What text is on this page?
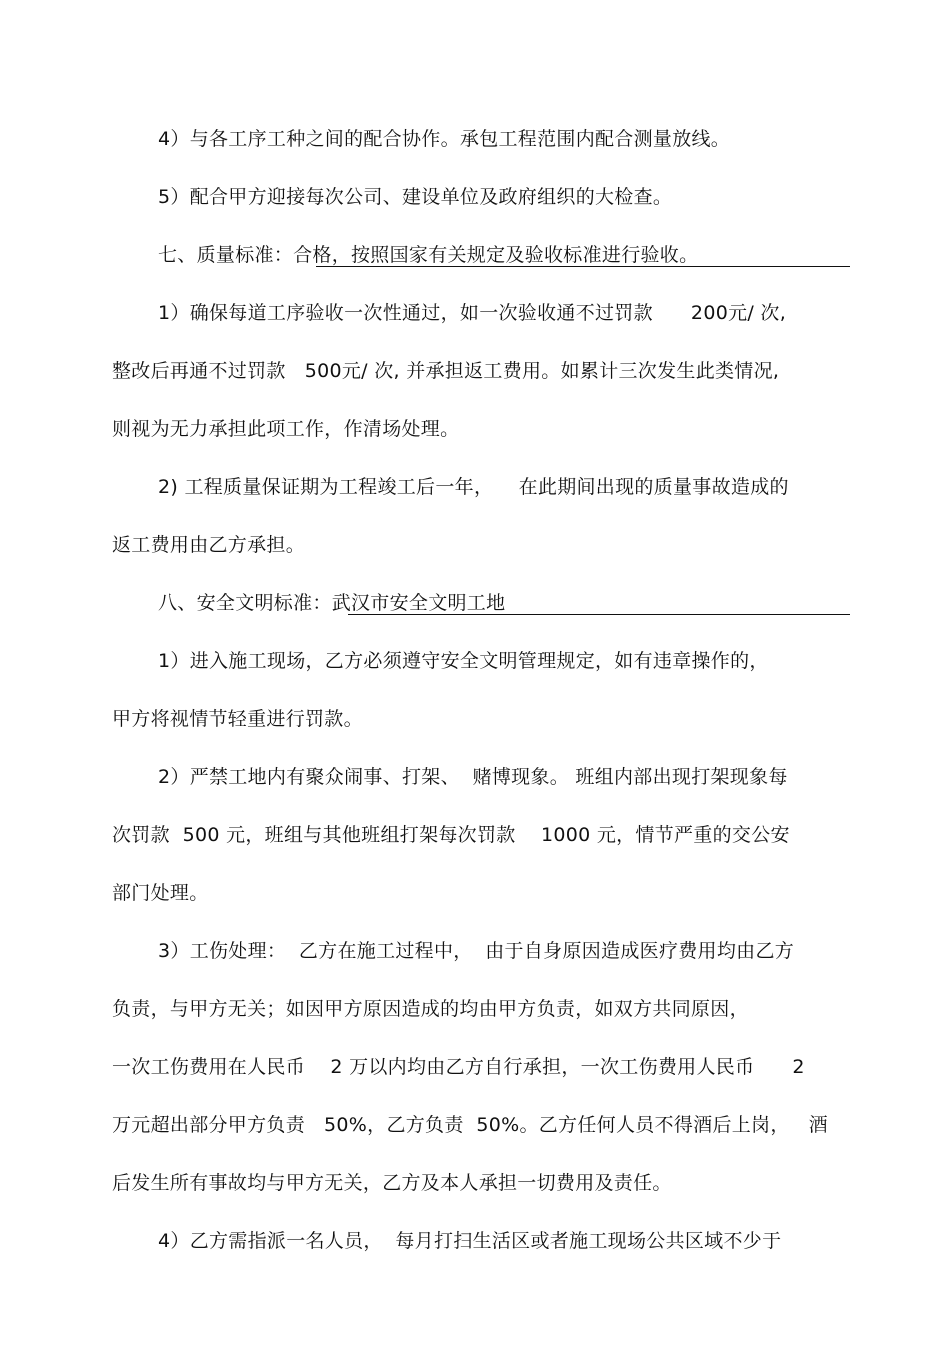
4）与各工序工种之间的配合协作。承包工程范围内配合测量放线。
5）配合甲方迎接每次公司、建设单位及政府组织的大检查。
七、质量标准：合格，按照国家有关规定及验收标准进行验收。
1）确保每道工序验收一次性通过，如一次验收通不过罚款      200元/ 次,
整改后再通不过罚款   500元/ 次, 并承担返工费用。如累计三次发生此类情况,
则视为无力承担此项工作，作清场处理。
2) 工程质量保证期为工程竣工后一年，    在此期间出现的质量事故造成的
返工费用由乙方承担。
八、安全文明标准：武汉市安全文明工地
1）进入施工现场，乙方必须遵守安全文明管理规定，如有违章操作的，
甲方将视情节轻重进行罚款。
2）严禁工地内有聚众闹事、打架、  赌博现象。 班组内部出现打架现象每
次罚款  500 元，班组与其他班组打架每次罚款    1000 元，情节严重的交公安
部门处理。
3）工伤处理：  乙方在施工过程中，  由于自身原因造成医疗费用均由乙方
负责，与甲方无关；如因甲方原因造成的均由甲方负责，如双方共同原因，
一次工伤费用在人民币    2 万以内均由乙方自行承担，一次工伤费用人民币      2
万元超出部分甲方负责   50%，乙方负责  50%。乙方任何人员不得酒后上岗，   酒
后发生所有事故均与甲方无关，乙方及本人承担一切费用及责任。
4）乙方需指派一名人员，  每月打扫生活区或者施工现场公共区域不少于
